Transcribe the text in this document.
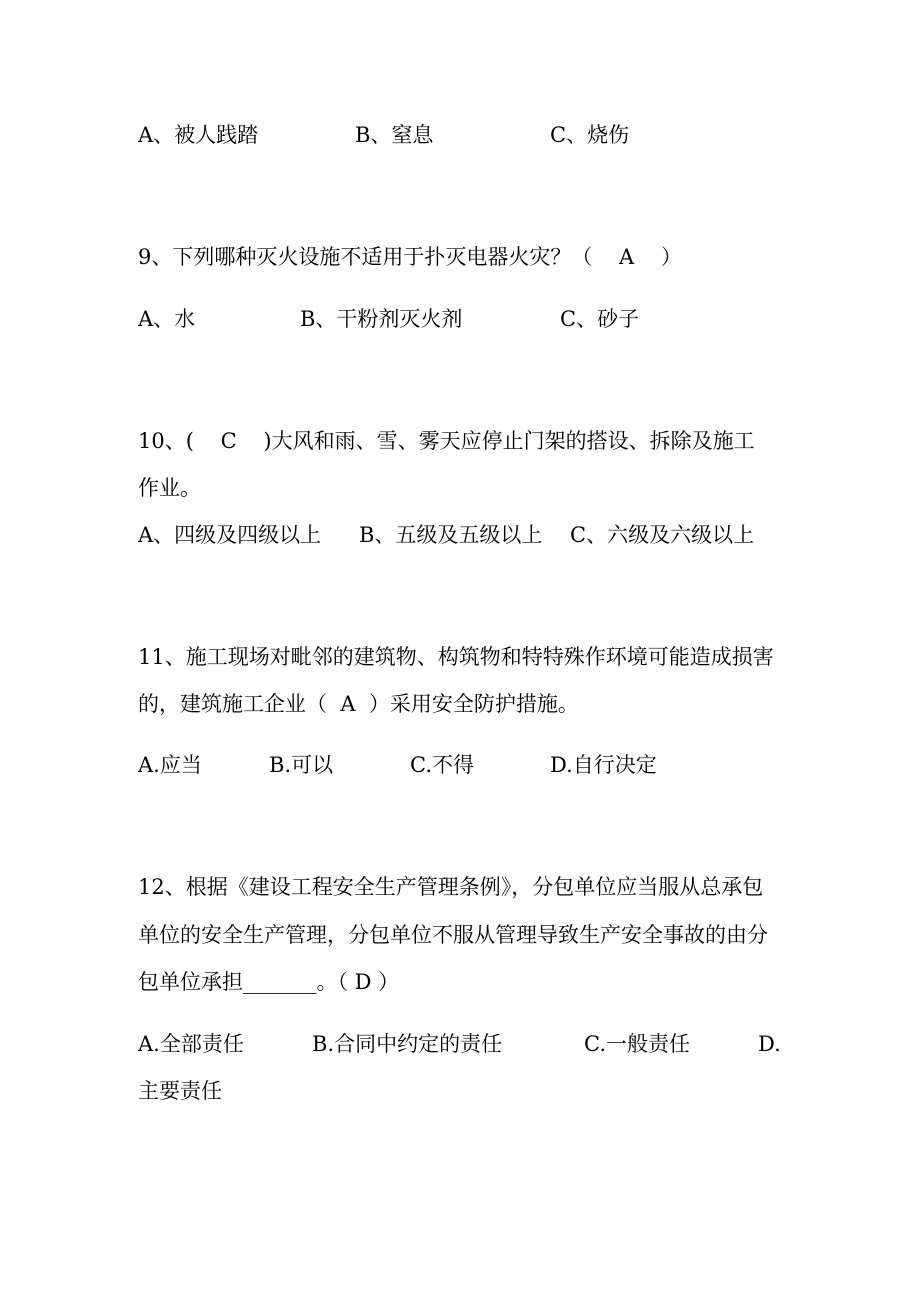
A、被人践踏

	B、窒息

	C、烧伤

9、下列哪种灭火设施不适用于扑灭电器火灾？（    A    ）

A、水

	B、干粉剂灭火剂

	C、砂子

10、(    C    )大风和雨、雪、雾天应停止门架的搭设、拆除及施工
作业。

A、四级及四级以上

B、五级及五级以上

C、六级及六级以上

11、施工现场对毗邻的建筑物、构筑物和特特殊作环境可能造成损害
的，建筑施工企业（  A  ）采用安全防护措施。

A.应当

	B.可以

	C.不得

	D.自行决定

12、根据《建设工程安全生产管理条例》，分包单位应当服从总承包
单位的安全生产管理，分包单位不服从管理导致生产安全事故的由分
包单位承担_______。（ D ）

A.全部责任

	B.合同中约定的责任

	C.一般责任

	D.

主要责任
